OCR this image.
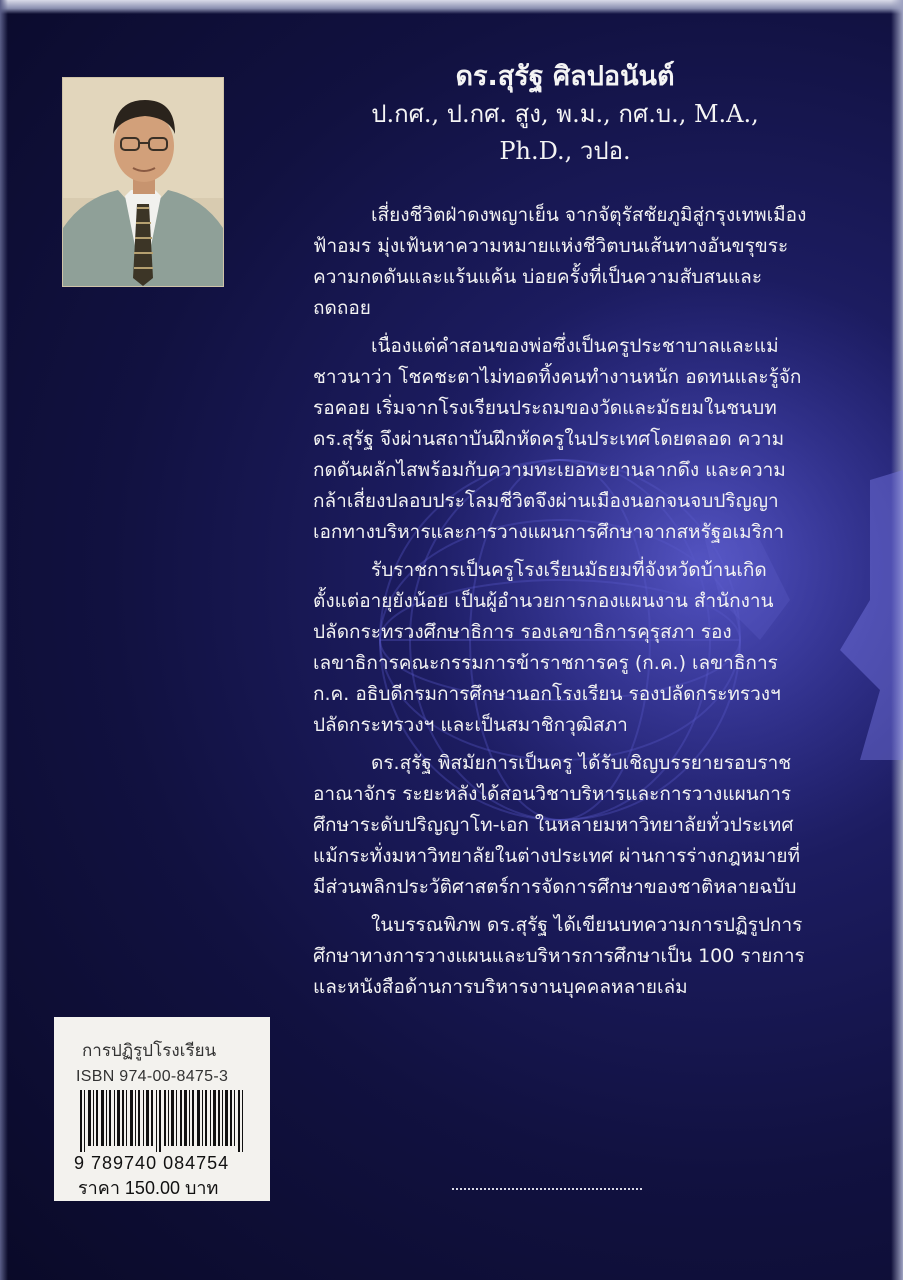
ดร.สุรัฐ ศิลปอนันต์
ป.กศ., ป.กศ. สูง, พ.ม., กศ.บ., M.A.,
Ph.D., วปอ.

เสี่ยงชีวิตฝ่าดงพญาเย็น จากจัตุรัสชัยภูมิสู่กรุงเทพเมืองฟ้าอมร มุ่งเฟ้นหาความหมายแห่งชีวิตบนเส้นทางอันขรุขระ ความกดดันและแร้นแค้น บ่อยครั้งที่เป็นความสับสนและถดถอย

เนื่องแต่คำสอนของพ่อซึ่งเป็นครูประชาบาลและแม่ชาวนาว่า โชคชะตาไม่ทอดทิ้งคนทำงานหนัก อดทนและรู้จักรอคอย เริ่มจากโรงเรียนประถมของวัดและมัธยมในชนบท ดร.สุรัฐ จึงผ่านสถาบันฝึกหัดครูในประเทศโดยตลอด ความกดดันผลักไสพร้อมกับความทะเยอทะยานลากดึง และความกล้าเสี่ยงปลอบประโลมชีวิตจึงผ่านเมืองนอกจนจบปริญญาเอกทางบริหารและการวางแผนการศึกษาจากสหรัฐอเมริกา

รับราชการเป็นครูโรงเรียนมัธยมที่จังหวัดบ้านเกิดตั้งแต่อายุยังน้อย เป็นผู้อำนวยการกองแผนงาน สำนักงานปลัดกระทรวงศึกษาธิการ รองเลขาธิการคุรุสภา รองเลขาธิการคณะกรรมการข้าราชการครู (ก.ค.) เลขาธิการ ก.ค. อธิบดีกรมการศึกษานอกโรงเรียน รองปลัดกระทรวงฯ ปลัดกระทรวงฯ และเป็นสมาชิกวุฒิสภา

ดร.สุรัฐ พิสมัยการเป็นครู ได้รับเชิญบรรยายรอบราชอาณาจักร ระยะหลังได้สอนวิชาบริหารและการวางแผนการศึกษาระดับปริญญาโท-เอก ในหลายมหาวิทยาลัยทั่วประเทศ แม้กระทั่งมหาวิทยาลัยในต่างประเทศ ผ่านการร่างกฎหมายที่มีส่วนพลิกประวัติศาสตร์การจัดการศึกษาของชาติหลายฉบับ

ในบรรณพิภพ ดร.สุรัฐ ได้เขียนบทความการปฏิรูปการศึกษาทางการวางแผนและบริหารการศึกษาเป็น 100 รายการ และหนังสือด้านการบริหารงานบุคคลหลายเล่ม

การปฏิรูปโรงเรียน
ISBN 974-00-8475-3
9 789740 084754
ราคา 150.00 บาท
